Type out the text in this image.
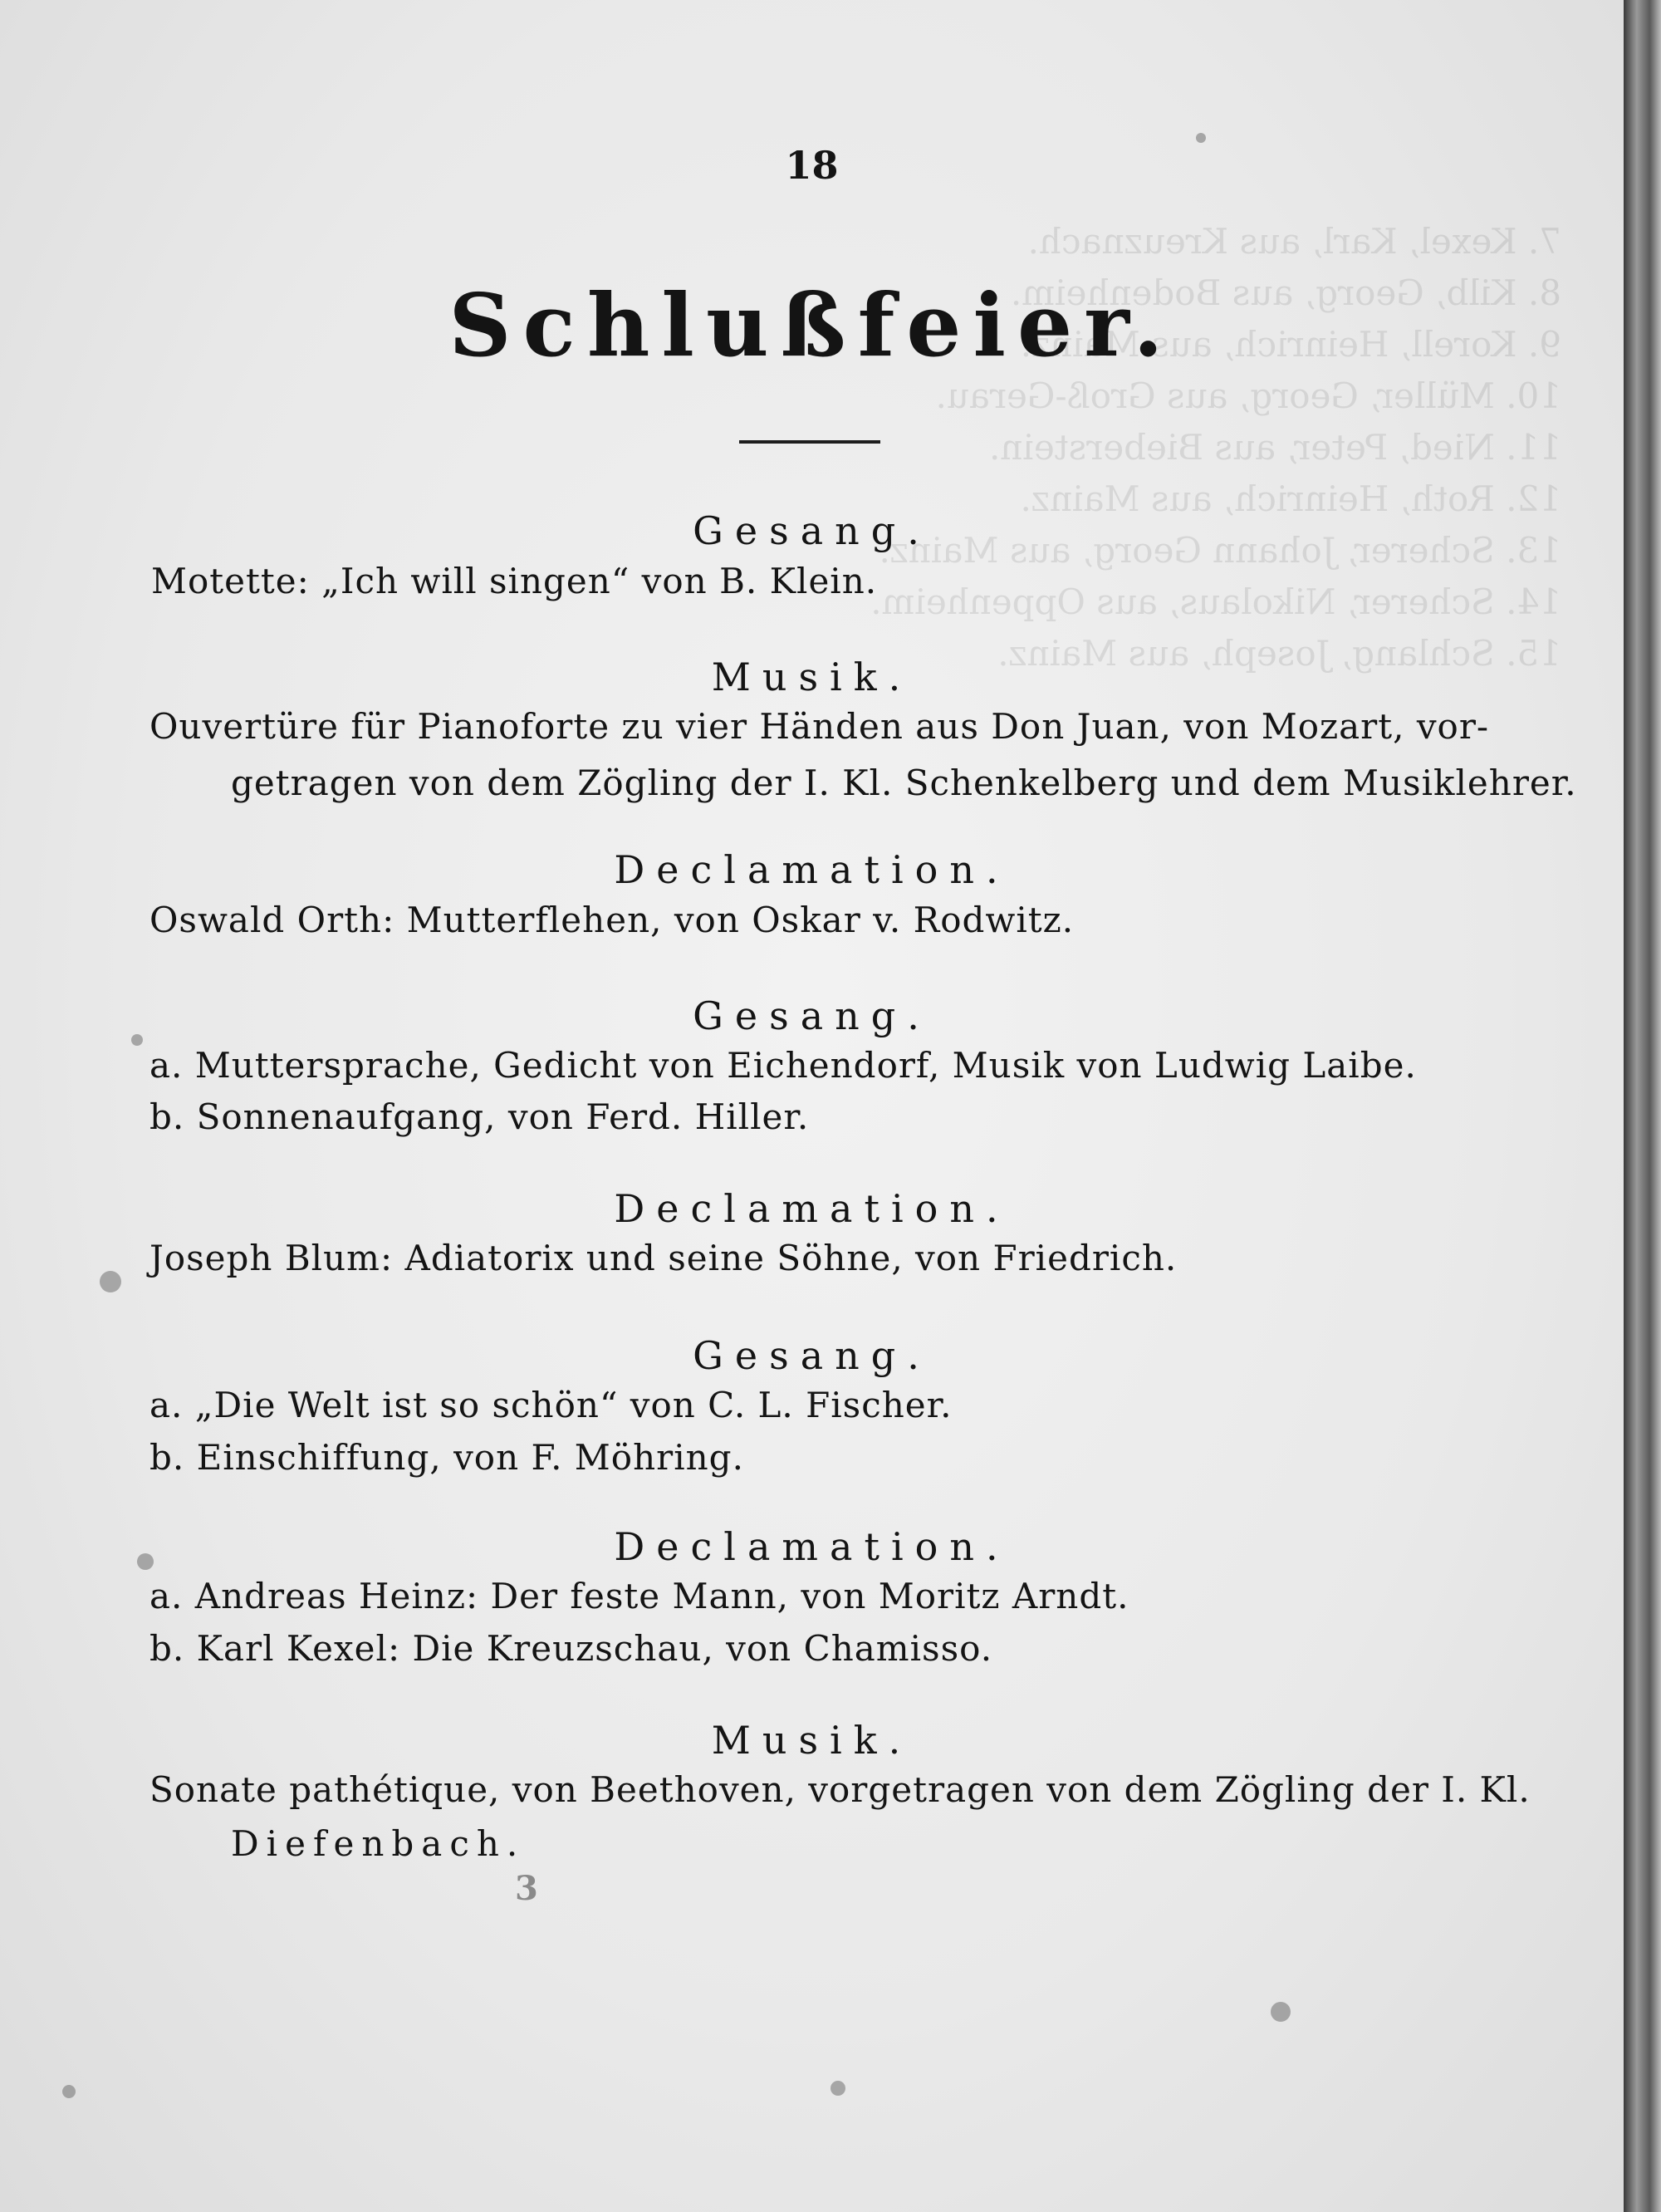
7. Kexel, Karl, aus Kreuznach.
8. Kilb, Georg, aus Bodenheim.
9. Korell, Heinrich, aus Mainz.
10. Müller, Georg, aus Groß-Gerau.
11. Nied, Peter, aus Bieberstein.
12. Roth, Heinrich, aus Mainz.
13. Scherer, Johann Georg, aus Mainz.
14. Scherer, Nikolaus, aus Oppenheim.
15. Schlang, Joseph, aus Mainz.
18
Schlußfeier.
Gesang.
Motette: „Ich will singen“ von B. Klein.
Musik.
Ouvertüre für Pianoforte zu vier Händen aus Don Juan, von Mozart, vor-
getragen von dem Zögling der I. Kl. Schenkelberg und dem Musiklehrer.
Declamation.
Oswald Orth: Mutterflehen, von Oskar v. Rodwitz.
Gesang.
a. Muttersprache, Gedicht von Eichendorf, Musik von Ludwig Laibe.
b. Sonnenaufgang, von Ferd. Hiller.
Declamation.
Joseph Blum: Adiatorix und seine Söhne, von Friedrich.
Gesang.
a. „Die Welt ist so schön“ von C. L. Fischer.
b. Einschiffung, von F. Möhring.
Declamation.
a. Andreas Heinz: Der feste Mann, von Moritz Arndt.
b. Karl Kexel: Die Kreuzschau, von Chamisso.
Musik.
Sonate pathétique, von Beethoven, vorgetragen von dem Zögling der I. Kl.
Diefenbach.
3
